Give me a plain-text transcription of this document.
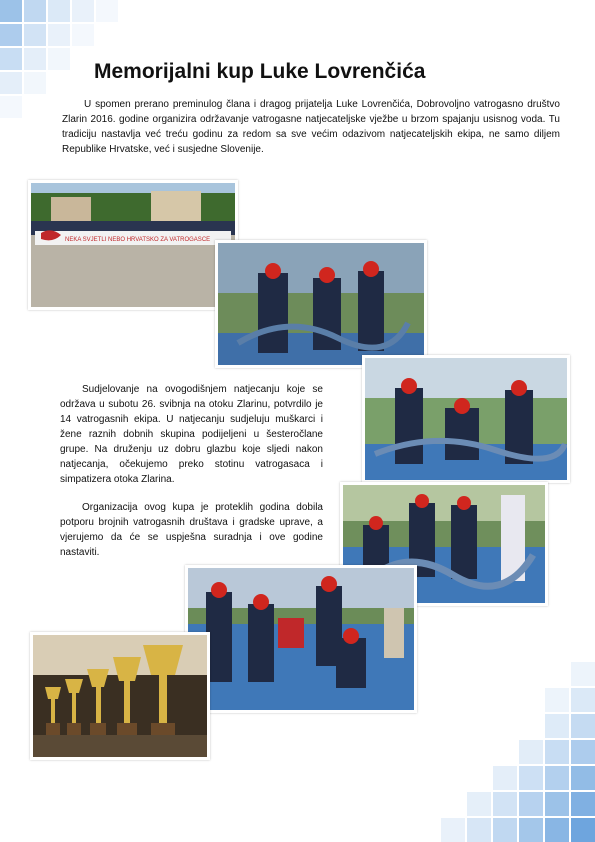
Memorijalni kup Luke Lovrenčića

U spomen prerano preminulog člana i dragog prijatelja Luke Lovrenčića, Dobrovoljno vatrogasno društvo Zlarin 2016. godine organizira održavanje vatrogasne natjecateljske vježbe u brzom spajanju usisnog voda. Tu tradiciju nastavlja već treću godinu za redom sa sve većim odazivom natjecateljskih ekipa, ne samo diljem Republike Hrvatske, već i susjedne Slovenije.

NEKA SVJETLI NEBO HRVATSKO ZA VATROGASCE

Sudjelovanje na ovogodišnjem natjecanju koje se održava u subotu 26. svibnja na otoku Zlarinu, potvrdilo je 14 vatrogasnih ekipa. U natjecanju sudjeluju muškarci i žene raznih dobnih skupina podijeljeni u šesteročlane grupe. Na druženju uz dobru glazbu koje sljedi nakon natjecanja, očekujemo preko stotinu vatrogasaca i simpatizera otoka Zlarina.

Organizacija ovog kupa je proteklih godina dobila potporu brojnih vatrogasnih društava i gradske uprave, a vjerujemo da će se uspješna suradnja i ove godine nastaviti.
